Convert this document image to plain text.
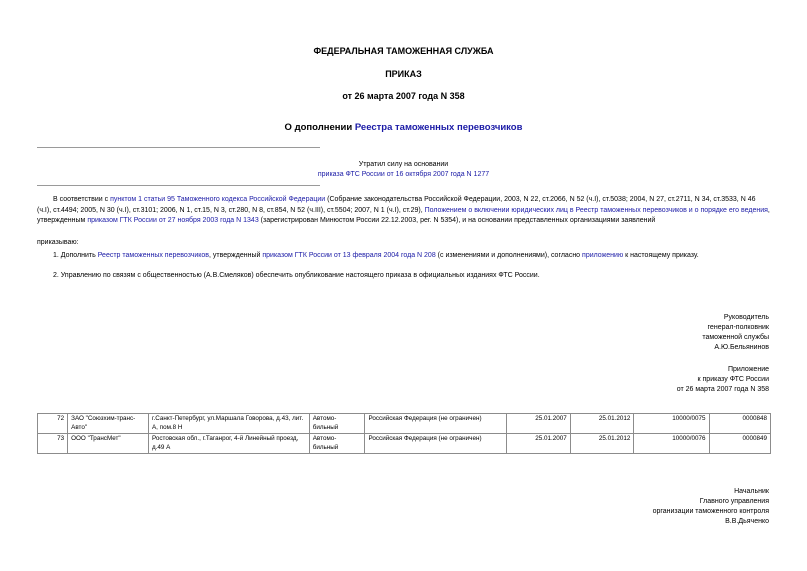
ФЕДЕРАЛЬНАЯ ТАМОЖЕННАЯ СЛУЖБА
ПРИКАЗ
от 26 марта 2007 года N 358
О дополнении Реестра таможенных перевозчиков
Утратил силу на основании
приказа ФТС России от 16 октября 2007 года N 1277
В соответствии с пунктом 1 статьи 95 Таможенного кодекса Российской Федерации (Собрание законодательства Российской Федерации, 2003, N 22, ст.2066, N 52 (ч.I), ст.5038; 2004, N 27, ст.2711, N 34, ст.3533, N 46 (ч.I), ст.4494; 2005, N 30 (ч.I), ст.3101; 2006, N 1, ст.15, N 3, ст.280, N 8, ст.854, N 52 (ч.III), ст.5504; 2007, N 1 (ч.I), ст.29), Положением о включении юридических лиц в Реестр таможенных перевозчиков и о порядке его ведения, утвержденным приказом ГТК России от 27 ноября 2003 года N 1343 (зарегистрирован Минюстом России 22.12.2003, рег. N 5354), и на основании представленных организациями заявлений
приказываю:
1. Дополнить Реестр таможенных перевозчиков, утвержденный приказом ГТК России от 13 февраля 2004 года N 208 (с изменениями и дополнениями), согласно приложению к настоящему приказу.
2. Управлению по связям с общественностью (А.В.Смеляков) обеспечить опубликование настоящего приказа в официальных изданиях ФТС России.
Руководитель
генерал-полковник
таможенной службы
А.Ю.Бельянинов
Приложение
к приказу ФТС России
от 26 марта 2007 года N 358
72	ЗАО "Союзхим-транс-Авто"	г.Санкт-Петербург, ул.Маршала Говорова, д.43, лит. А, пом.8 Н	Автомо-бильный	Российская Федерация (не ограничен)	25.01.2007	25.01.2012	10000/0075	0000848
73	ООО "ТрансМет"	Ростовская обл., г.Таганрог, 4-й Линейный проезд, д.49 А	Автомо-бильный	Российская Федерация (не ограничен)	25.01.2007	25.01.2012	10000/0076	0000849
Начальник
Главного управления
организации таможенного контроля
В.В.Дьяченко
